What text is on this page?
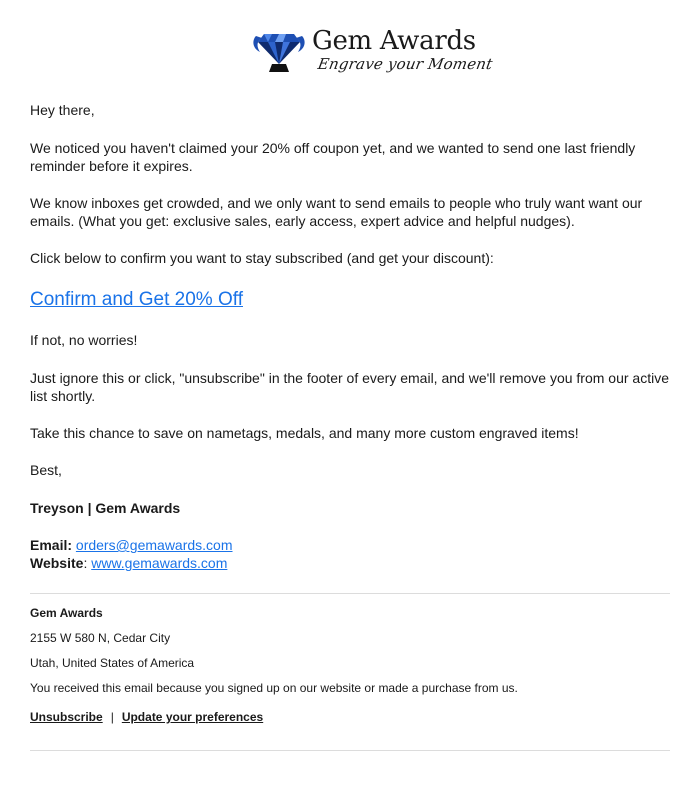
Gem Awards
Engrave your Moment

Hey there,

We noticed you haven't claimed your 20% off coupon yet, and we wanted to send one last friendly reminder before it expires.

We know inboxes get crowded, and we only want to send emails to people who truly want want our emails. (What you get: exclusive sales, early access, expert advice and helpful nudges).

Click below to confirm you want to stay subscribed (and get your discount):

Confirm and Get 20% Off

If not, no worries!

Just ignore this or click, "unsubscribe" in the footer of every email, and we'll remove you from our active list shortly.

Take this chance to save on nametags, medals, and many more custom engraved items!

Best,

Treyson | Gem Awards

Email: orders@gemawards.com
Website: www.gemawards.com
Gem Awards
2155 W 580 N, Cedar City
Utah, United States of America
You received this email because you signed up on our website or made a purchase from us.
Unsubscribe | Update your preferences
